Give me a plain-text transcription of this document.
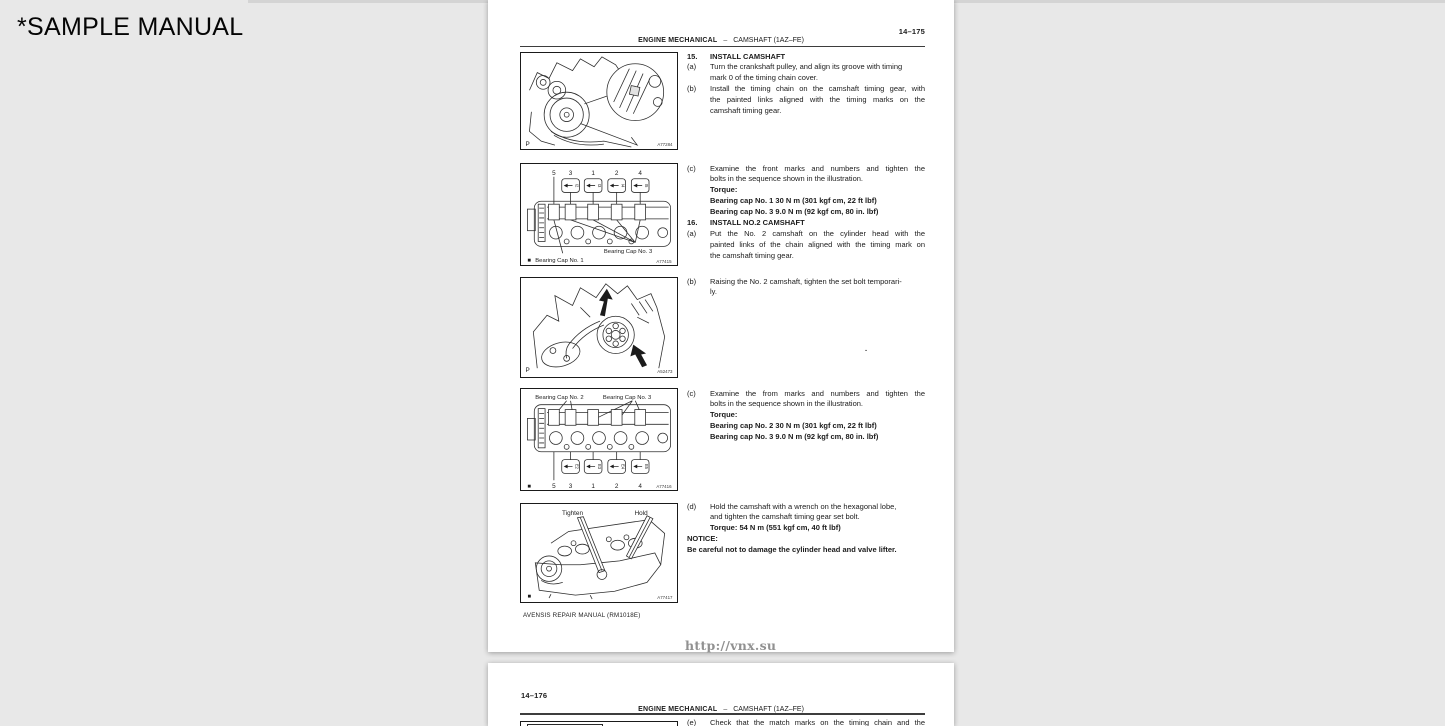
*SAMPLE MANUAL	14–175
ENGINE MECHANICAL – CAMSHAFT (1AZ–FE)
P	A77284
5 3	1	2	4
I2	I3	I4	I5
Bearing Cap No. 3
■ Bearing Cap No. 1	A77415
P	A52473
Bearing Cap No. 2	Bearing Cap No. 3
E2	E3	E4	E5
5 3	1	2	4
■	A77416
Tighten	Hold
■	A77417
15.	INSTALL CAMSHAFT
(a)	Turn the crankshaft pulley, and align its groove with timing
mark 0 of the timing chain cover.
(b)	Install the timing chain on the camshaft timing gear, with
the painted links aligned with the timing marks on the
camshaft timing gear.
(c)	Examine the front marks and numbers and tighten the
bolts in the sequence shown in the illustration.
Torque:
Bearing cap No. 1 30 N m (301 kgf cm, 22 ft lbf)
Bearing cap No. 3 9.0 N m (92 kgf cm, 80 in. lbf)
16.	INSTALL NO.2 CAMSHAFT
(a)	Put the No. 2 camshaft on the cylinder head with the
painted links of the chain aligned with the timing mark on
the camshaft timing gear.
(b)	Raising the No. 2 camshaft, tighten the set bolt temporari-
ly.
.
(c)	Examine the from marks and numbers and tighten the
bolts in the sequence shown in the illustration.
Torque:
Bearing cap No. 2 30 N m (301 kgf cm, 22 ft lbf)
Bearing cap No. 3 9.0 N m (92 kgf cm, 80 in. lbf)
(d)	Hold the camshaft with a wrench on the hexagonal lobe,
and tighten the camshaft timing gear set bolt.
Torque: 54 N m (551 kgf cm, 40 ft lbf)
NOTICE:
Be careful not to damage the cylinder head and valve lifter.
AVENSIS REPAIR MANUAL (RM1018E)
http://vnx.su
14–176
ENGINE MECHANICAL – CAMSHAFT (1AZ–FE)
(e)	Check that the match marks on the timing chain and the
